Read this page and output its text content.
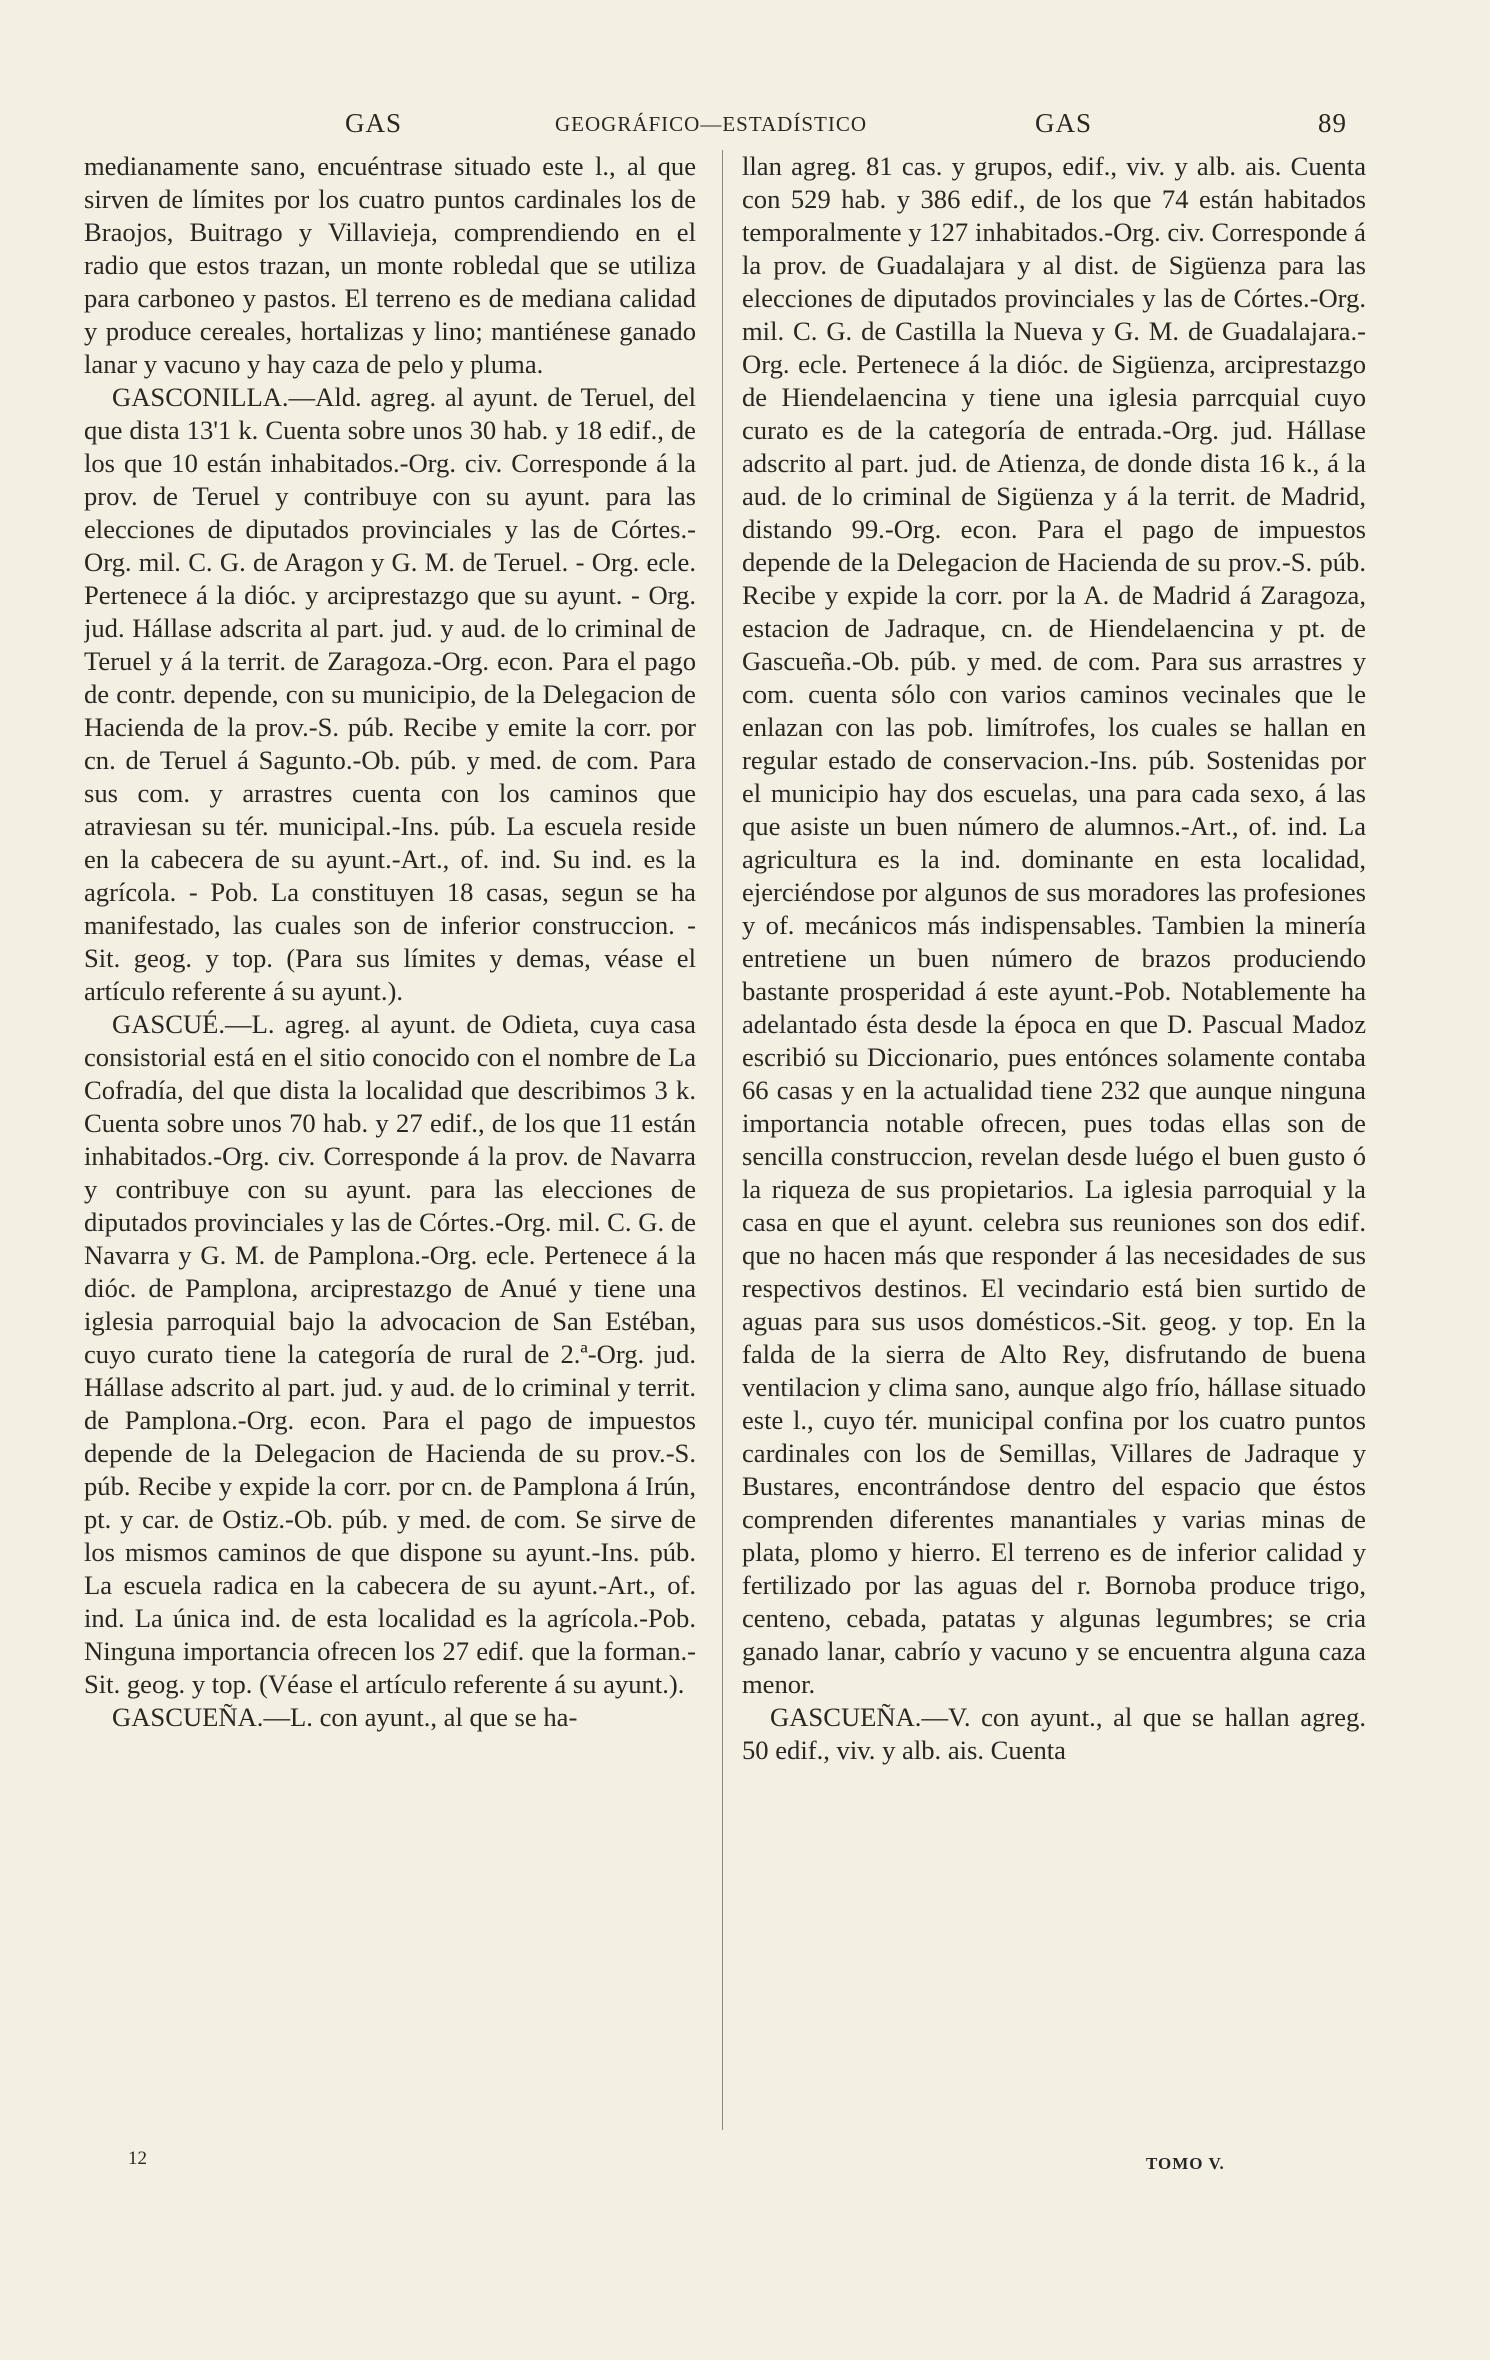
GAS	GEOGRÁFICO—ESTADÍSTICO	GAS	89

medianamente sano, encuéntrase situado este l., al que sirven de límites por los cuatro puntos cardinales los de Braojos, Buitrago y Villavieja, comprendiendo en el radio que estos trazan, un monte robledal que se utiliza para carboneo y pastos. El terreno es de mediana calidad y produce cereales, hortalizas y lino; mantiénese ganado lanar y vacuno y hay caza de pelo y pluma.

GASCONILLA.—Ald. agreg. al ayunt. de Teruel, del que dista 13'1 k. Cuenta sobre unos 30 hab. y 18 edif., de los que 10 están inhabitados.-Org. civ. Corresponde á la prov. de Teruel y contribuye con su ayunt. para las elecciones de diputados provinciales y las de Córtes.-Org. mil. C. G. de Aragon y G. M. de Teruel. - Org. ecle. Pertenece á la dióc. y arciprestazgo que su ayunt. - Org. jud. Hállase adscrita al part. jud. y aud. de lo criminal de Teruel y á la territ. de Zaragoza.-Org. econ. Para el pago de contr. depende, con su municipio, de la Delegacion de Hacienda de la prov.-S. púb. Recibe y emite la corr. por cn. de Teruel á Sagunto.-Ob. púb. y med. de com. Para sus com. y arrastres cuenta con los caminos que atraviesan su tér. municipal.-Ins. púb. La escuela reside en la cabecera de su ayunt.-Art., of. ind. Su ind. es la agrícola. - Pob. La constituyen 18 casas, segun se ha manifestado, las cuales son de inferior construccion. - Sit. geog. y top. (Para sus límites y demas, véase el artículo referente á su ayunt.).

GASCUÉ.—L. agreg. al ayunt. de Odieta, cuya casa consistorial está en el sitio conocido con el nombre de La Cofradía, del que dista la localidad que describimos 3 k. Cuenta sobre unos 70 hab. y 27 edif., de los que 11 están inhabitados.-Org. civ. Corresponde á la prov. de Navarra y contribuye con su ayunt. para las elecciones de diputados provinciales y las de Córtes.-Org. mil. C. G. de Navarra y G. M. de Pamplona.-Org. ecle. Pertenece á la dióc. de Pamplona, arciprestazgo de Anué y tiene una iglesia parroquial bajo la advocacion de San Estéban, cuyo curato tiene la categoría de rural de 2.ª-Org. jud. Hállase adscrito al part. jud. y aud. de lo criminal y territ. de Pamplona.-Org. econ. Para el pago de impuestos depende de la Delegacion de Hacienda de su prov.-S. púb. Recibe y expide la corr. por cn. de Pamplona á Irún, pt. y car. de Ostiz.-Ob. púb. y med. de com. Se sirve de los mismos caminos de que dispone su ayunt.-Ins. púb. La escuela radica en la cabecera de su ayunt.-Art., of. ind. La única ind. de esta localidad es la agrícola.-Pob. Ninguna importancia ofrecen los 27 edif. que la forman.-Sit. geog. y top. (Véase el artículo referente á su ayunt.).

GASCUEÑA.—L. con ayunt., al que se ha-

llan agreg. 81 cas. y grupos, edif., viv. y alb. ais. Cuenta con 529 hab. y 386 edif., de los que 74 están habitados temporalmente y 127 inhabitados.-Org. civ. Corresponde á la prov. de Guadalajara y al dist. de Sigüenza para las elecciones de diputados provinciales y las de Córtes.-Org. mil. C. G. de Castilla la Nueva y G. M. de Guadalajara.-Org. ecle. Pertenece á la dióc. de Sigüenza, arciprestazgo de Hiendelaencina y tiene una iglesia parrcquial cuyo curato es de la categoría de entrada.-Org. jud. Hállase adscrito al part. jud. de Atienza, de donde dista 16 k., á la aud. de lo criminal de Sigüenza y á la territ. de Madrid, distando 99.-Org. econ. Para el pago de impuestos depende de la Delegacion de Hacienda de su prov.-S. púb. Recibe y expide la corr. por la A. de Madrid á Zaragoza, estacion de Jadraque, cn. de Hiendelaencina y pt. de Gascueña.-Ob. púb. y med. de com. Para sus arrastres y com. cuenta sólo con varios caminos vecinales que le enlazan con las pob. limítrofes, los cuales se hallan en regular estado de conservacion.-Ins. púb. Sostenidas por el municipio hay dos escuelas, una para cada sexo, á las que asiste un buen número de alumnos.-Art., of. ind. La agricultura es la ind. dominante en esta localidad, ejerciéndose por algunos de sus moradores las profesiones y of. mecánicos más indispensables. Tambien la minería entretiene un buen número de brazos produciendo bastante prosperidad á este ayunt.-Pob. Notablemente ha adelantado ésta desde la época en que D. Pascual Madoz escribió su Diccionario, pues entónces solamente contaba 66 casas y en la actualidad tiene 232 que aunque ninguna importancia notable ofrecen, pues todas ellas son de sencilla construccion, revelan desde luégo el buen gusto ó la riqueza de sus propietarios. La iglesia parroquial y la casa en que el ayunt. celebra sus reuniones son dos edif. que no hacen más que responder á las necesidades de sus respectivos destinos. El vecindario está bien surtido de aguas para sus usos domésticos.-Sit. geog. y top. En la falda de la sierra de Alto Rey, disfrutando de buena ventilacion y clima sano, aunque algo frío, hállase situado este l., cuyo tér. municipal confina por los cuatro puntos cardinales con los de Semillas, Villares de Jadraque y Bustares, encontrándose dentro del espacio que éstos comprenden diferentes manantiales y varias minas de plata, plomo y hierro. El terreno es de inferior calidad y fertilizado por las aguas del r. Bornoba produce trigo, centeno, cebada, patatas y algunas legumbres; se cria ganado lanar, cabrío y vacuno y se encuentra alguna caza menor.

GASCUEÑA.—V. con ayunt., al que se hallan agreg. 50 edif., viv. y alb. ais. Cuenta

12	TOMO V.
